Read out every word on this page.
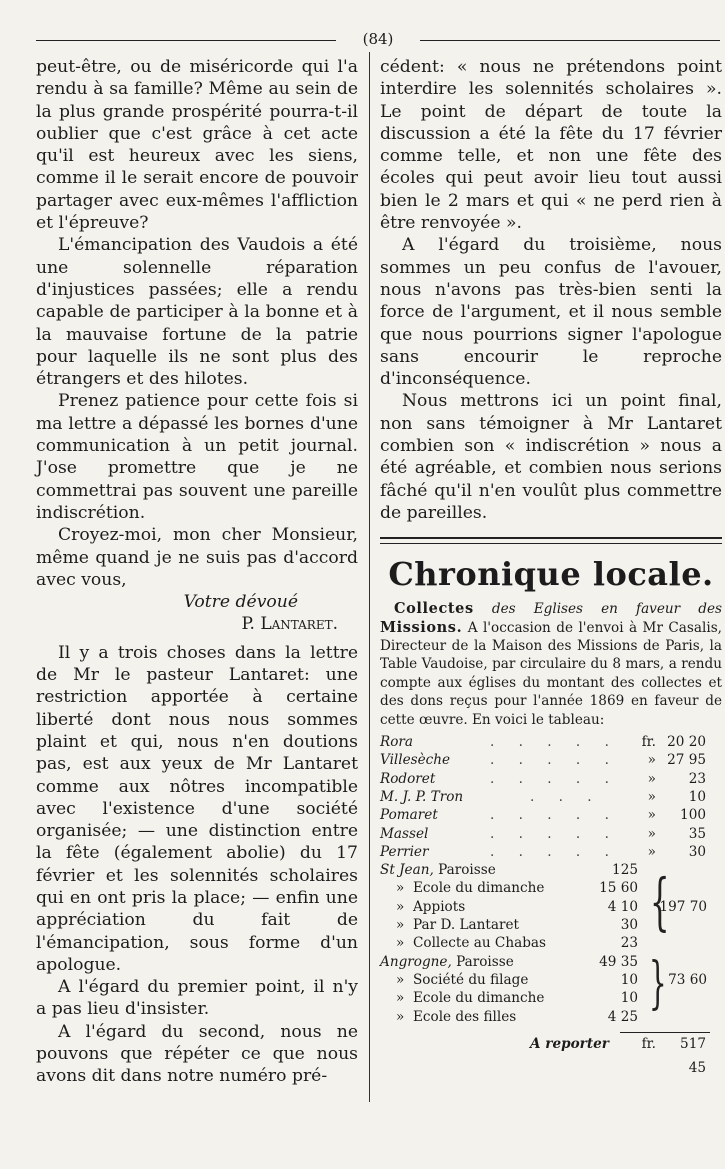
(84)

peut-être, ou de miséricorde qui l'a rendu à sa famille? Même au sein de la plus grande prospérité pourra-t-il oublier que c'est grâce à cet acte qu'il est heureux avec les siens, comme il le serait encore de pouvoir partager avec eux-mêmes l'affliction et l'épreuve?

L'émancipation des Vaudois a été une solennelle réparation d'injustices passées; elle a rendu capable de participer à la bonne et à la mauvaise fortune de la patrie pour laquelle ils ne sont plus des étrangers et des hilotes.

Prenez patience pour cette fois si ma lettre a dépassé les bornes d'une communication à un petit journal. J'ose promettre que je ne commettrai pas souvent une pareille indiscrétion.

Croyez-moi, mon cher Monsieur, même quand je ne suis pas d'accord avec vous,

Votre dévoué

P. Lantaret.

Il y a trois choses dans la lettre de Mr le pasteur Lantaret: une restriction apportée à certaine liberté dont nous nous sommes plaint et qui, nous n'en doutions pas, est aux yeux de Mr Lantaret comme aux nôtres incompatible avec l'existence d'une société organisée; — une distinction entre la fête (également abolie) du 17 février et les solennités scholaires qui en ont pris la place; — enfin une appréciation du fait de l'émancipation, sous forme d'un apologue.

A l'égard du premier point, il n'y a pas lieu d'insister.

A l'égard du second, nous ne pouvons que répéter ce que nous avons dit dans notre numéro pré-

cédent: « nous ne prétendons point interdire les solennités scholaires ». Le point de départ de toute la discussion a été la fête du 17 février comme telle, et non une fête des écoles qui peut avoir lieu tout aussi bien le 2 mars et qui « ne perd rien à être renvoyée ».

A l'égard du troisième, nous sommes un peu confus de l'avouer, nous n'avons pas très-bien senti la force de l'argument, et il nous semble que nous pourrions signer l'apologue sans encourir le reproche d'inconséquence.

Nous mettrons ici un point final, non sans témoigner à Mr Lantaret combien son « indiscrétion » nous a été agréable, et combien nous serions fâché qu'il n'en voulût plus commettre de pareilles.

Chronique locale.

Collectes des Eglises en faveur des Missions. A l'occasion de l'envoi à Mr Casalis, Directeur de la Maison des Missions de Paris, la Table Vaudoise, par circulaire du 8 mars, a rendu compte aux églises du montant des collectes et des dons reçus pour l'année 1869 en faveur de cette œuvre. En voici le tableau:

Rora	. . . . .	fr. 20 20
Villesèche	. . . . .	» 27 95
Rodoret	. . . . .	»	23
M. J. P. Tron	. . .	»	10
Pomaret	. . . . .	»	100
Massel	. . . . .	»	35
Perrier	. . . . .	»	30
St Jean, Paroisse	125
» Ecole du dimanche	15 60
» Appiots	4 10	197 70
» Par D. Lantaret	30
» Collecte au Chabas	23
{
Angrogne, Paroisse	49 35
» Société du filage	10	73 60
» Ecole du dimanche	10
» Ecole des filles	4 25
}
A reporter	fr.	517 45
